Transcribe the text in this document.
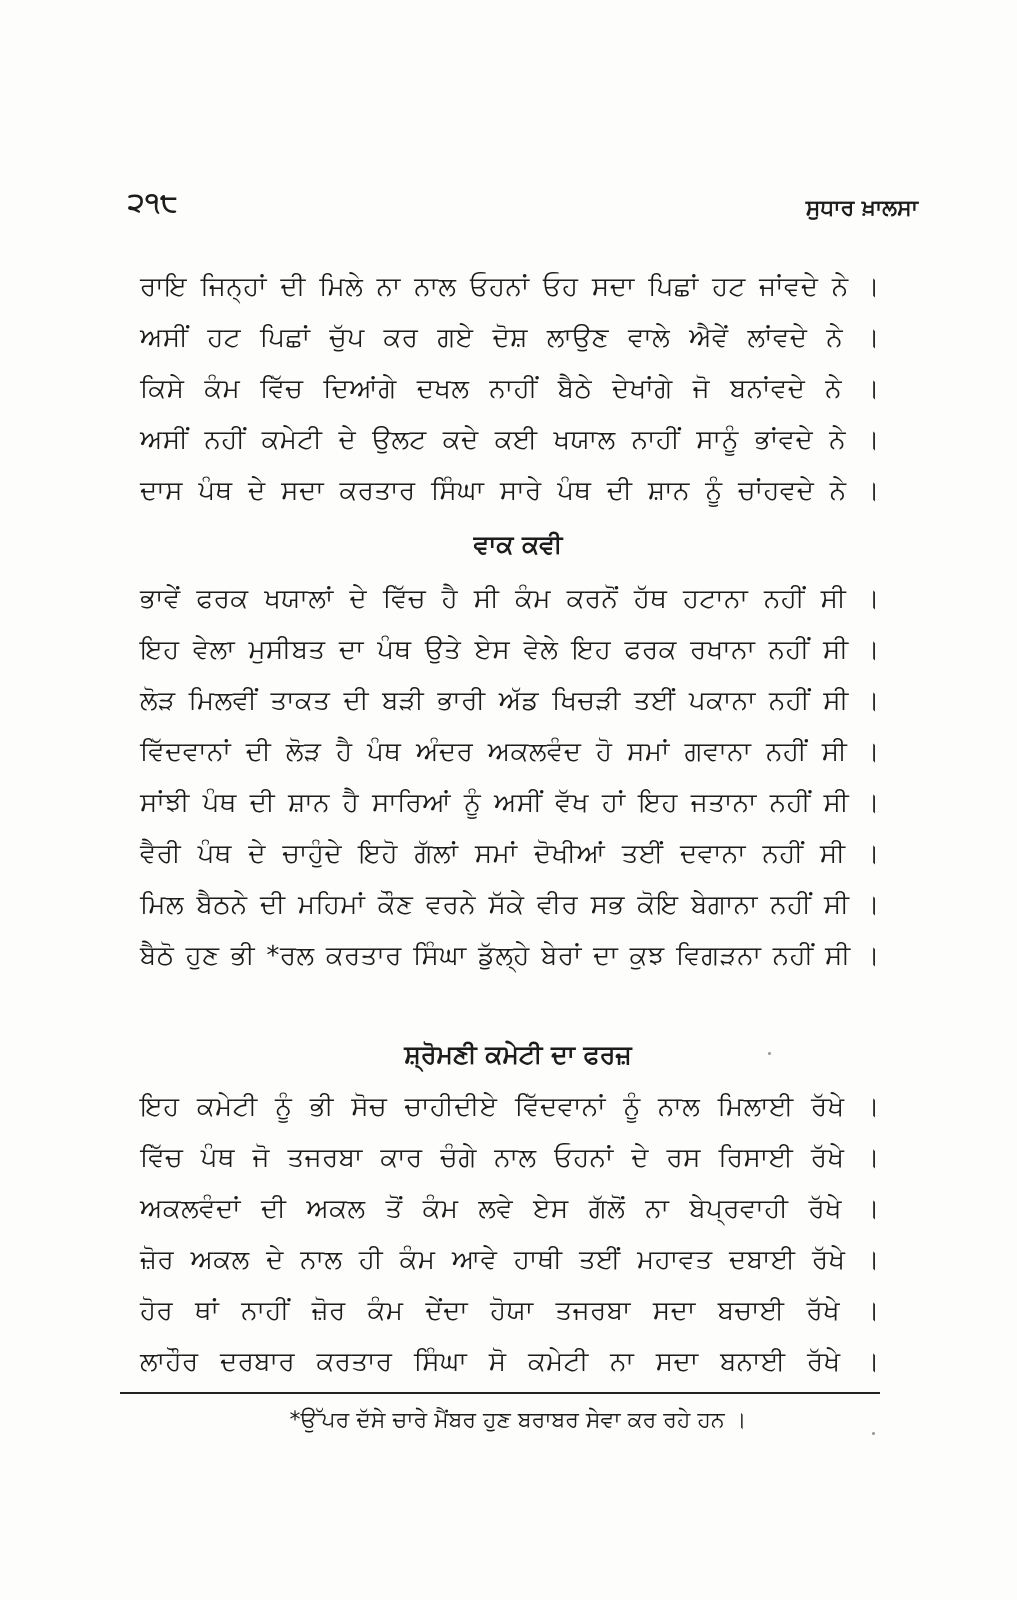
੨੧੮	ਸੁਧਾਰ ਖ਼ਾਲਸਾ
ਰਾਇ ਜਿਨ੍ਹਾਂ ਦੀ ਮਿਲੇ ਨਾ ਨਾਲ ਓਹਨਾਂ ਓਹ ਸਦਾ ਪਿਛਾਂ ਹਟ ਜਾਂਵਦੇ ਨੇ ।
ਅਸੀਂ ਹਟ ਪਿਛਾਂ ਚੁੱਪ ਕਰ ਗਏ ਦੋਸ਼ ਲਾਉਣ ਵਾਲੇ ਐਵੇਂ ਲਾਂਵਦੇ ਨੇ ।
ਕਿਸੇ ਕੰਮ ਵਿੱਚ ਦਿਆਂਗੇ ਦਖਲ ਨਾਹੀਂ ਬੈਠੇ ਦੇਖਾਂਗੇ ਜੋ ਬਨਾਂਵਦੇ ਨੇ ।
ਅਸੀਂ ਨਹੀਂ ਕਮੇਟੀ ਦੇ ਉਲਟ ਕਦੇ ਕਈ ਖਯਾਲ ਨਾਹੀਂ ਸਾਨੂੰ ਭਾਂਵਦੇ ਨੇ ।
ਦਾਸ ਪੰਥ ਦੇ ਸਦਾ ਕਰਤਾਰ ਸਿੰਘਾ ਸਾਰੇ ਪੰਥ ਦੀ ਸ਼ਾਨ ਨੂੰ ਚਾਂਹਵਦੇ ਨੇ ।
ਵਾਕ ਕਵੀ
ਭਾਵੇਂ ਫਰਕ ਖਯਾਲਾਂ ਦੇ ਵਿੱਚ ਹੈ ਸੀ ਕੰਮ ਕਰਨੋਂ ਹੱਥ ਹਟਾਨਾ ਨਹੀਂ ਸੀ ।
ਇਹ ਵੇਲਾ ਮੁਸੀਬਤ ਦਾ ਪੰਥ ਉਤੇ ਏਸ ਵੇਲੇ ਇਹ ਫਰਕ ਰਖਾਨਾ ਨਹੀਂ ਸੀ ।
ਲੋੜ ਮਿਲਵੀਂ ਤਾਕਤ ਦੀ ਬੜੀ ਭਾਰੀ ਅੱਡ ਖਿਚੜੀ ਤਈਂ ਪਕਾਨਾ ਨਹੀਂ ਸੀ ।
ਵਿੱਦਵਾਨਾਂ ਦੀ ਲੋੜ ਹੈ ਪੰਥ ਅੰਦਰ ਅਕਲਵੰਦ ਹੋ ਸਮਾਂ ਗਵਾਨਾ ਨਹੀਂ ਸੀ ।
ਸਾਂਝੀ ਪੰਥ ਦੀ ਸ਼ਾਨ ਹੈ ਸਾਰਿਆਂ ਨੂੰ ਅਸੀਂ ਵੱਖ ਹਾਂ ਇਹ ਜਤਾਨਾ ਨਹੀਂ ਸੀ ।
ਵੈਰੀ ਪੰਥ ਦੇ ਚਾਹੁੰਦੇ ਇਹੋ ਗੱਲਾਂ ਸਮਾਂ ਦੋਖੀਆਂ ਤਈਂ ਦਵਾਨਾ ਨਹੀਂ ਸੀ ।
ਮਿਲ ਬੈਠਨੇ ਦੀ ਮਹਿਮਾਂ ਕੌਣ ਵਰਨੇ ਸੱਕੇ ਵੀਰ ਸਭ ਕੋਇ ਬੇਗਾਨਾ ਨਹੀਂ ਸੀ ।
ਬੈਠੋ ਹੁਣ ਭੀ *ਰਲ ਕਰਤਾਰ ਸਿੰਘਾ ਡੁੱਲ੍ਹੇ ਬੇਰਾਂ ਦਾ ਕੁਝ ਵਿਗੜਨਾ ਨਹੀਂ ਸੀ ।
ਸ਼੍ਰੋਮਣੀ ਕਮੇਟੀ ਦਾ ਫਰਜ਼
ਇਹ ਕਮੇਟੀ ਨੂੰ ਭੀ ਸੋਚ ਚਾਹੀਦੀਏ ਵਿੱਦਵਾਨਾਂ ਨੂੰ ਨਾਲ ਮਿਲਾਈ ਰੱਖੇ ।
ਵਿੱਚ ਪੰਥ ਜੋ ਤਜਰਬਾ ਕਾਰ ਚੰਗੇ ਨਾਲ ਓਹਨਾਂ ਦੇ ਰਸ ਰਿਸਾਈ ਰੱਖੇ ।
ਅਕਲਵੰਦਾਂ ਦੀ ਅਕਲ ਤੋਂ ਕੰਮ ਲਵੇ ਏਸ ਗੱਲੋਂ ਨਾ ਬੇਪ੍ਰਵਾਹੀ ਰੱਖੇ ।
ਜ਼ੋਰ ਅਕਲ ਦੇ ਨਾਲ ਹੀ ਕੰਮ ਆਵੇ ਹਾਥੀ ਤਈਂ ਮਹਾਵਤ ਦਬਾਈ ਰੱਖੇ ।
ਹੋਰ ਥਾਂ ਨਾਹੀਂ ਜ਼ੋਰ ਕੰਮ ਦੇਂਦਾ ਹੋਯਾ ਤਜਰਬਾ ਸਦਾ ਬਚਾਈ ਰੱਖੇ ।
ਲਾਹੌਰ ਦਰਬਾਰ ਕਰਤਾਰ ਸਿੰਘਾ ਸੋ ਕਮੇਟੀ ਨਾ ਸਦਾ ਬਨਾਈ ਰੱਖੇ ।
*ਉੱਪਰ ਦੱਸੇ ਚਾਰੇ ਮੈਂਬਰ ਹੁਣ ਬਰਾਬਰ ਸੇਵਾ ਕਰ ਰਹੇ ਹਨ ।
